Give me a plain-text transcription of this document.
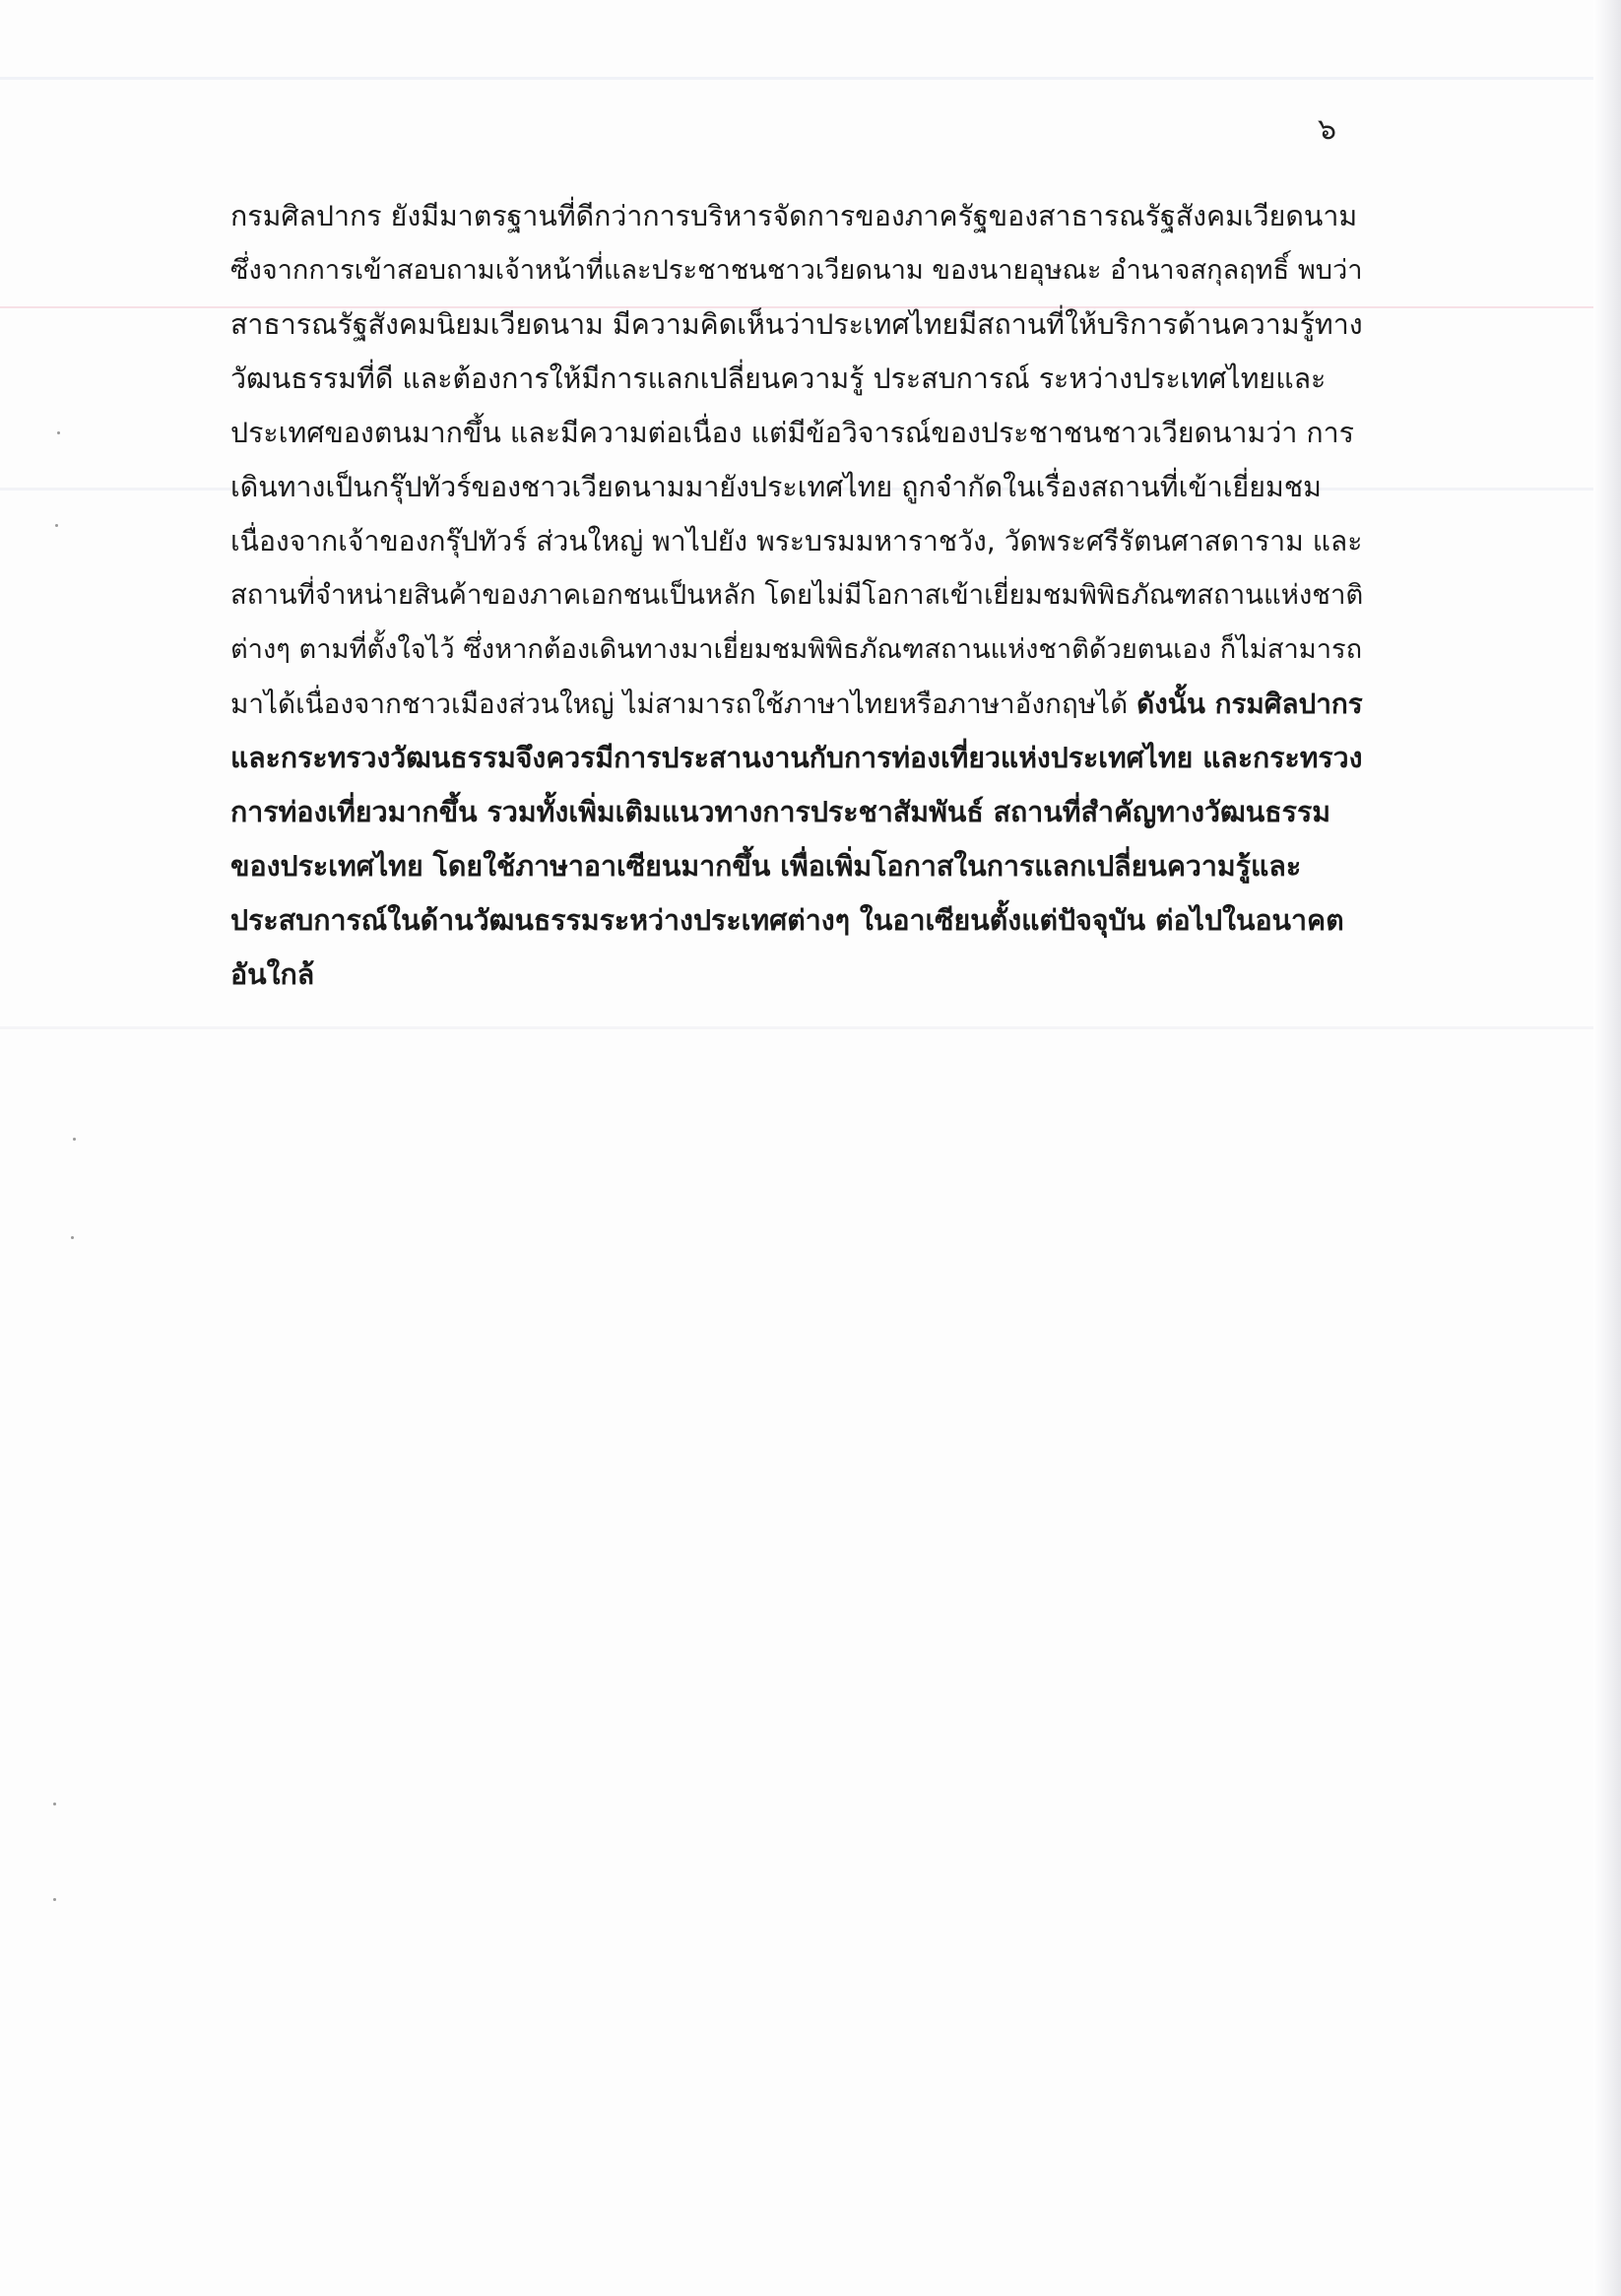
๖
กรมศิลปากร ยังมีมาตรฐานที่ดีกว่าการบริหารจัดการของภาครัฐของสาธารณรัฐสังคมเวียดนาม
ซึ่งจากการเข้าสอบถามเจ้าหน้าที่และประชาชนชาวเวียดนาม ของนายอุษณะ อำนาจสกุลฤทธิ์ พบว่า
สาธารณรัฐสังคมนิยมเวียดนาม มีความคิดเห็นว่าประเทศไทยมีสถานที่ให้บริการด้านความรู้ทาง
วัฒนธรรมที่ดี และต้องการให้มีการแลกเปลี่ยนความรู้ ประสบการณ์ ระหว่างประเทศไทยและ
ประเทศของตนมากขึ้น และมีความต่อเนื่อง แต่มีข้อวิจารณ์ของประชาชนชาวเวียดนามว่า การ
เดินทางเป็นกรุ๊ปทัวร์ของชาวเวียดนามมายังประเทศไทย ถูกจำกัดในเรื่องสถานที่เข้าเยี่ยมชม
เนื่องจากเจ้าของกรุ๊ปทัวร์ ส่วนใหญ่ พาไปยัง พระบรมมหาราชวัง, วัดพระศรีรัตนศาสดาราม และ
สถานที่จำหน่ายสินค้าของภาคเอกชนเป็นหลัก โดยไม่มีโอกาสเข้าเยี่ยมชมพิพิธภัณฑสถานแห่งชาติ
ต่างๆ ตามที่ตั้งใจไว้ ซึ่งหากต้องเดินทางมาเยี่ยมชมพิพิธภัณฑสถานแห่งชาติด้วยตนเอง ก็ไม่สามารถ
มาได้เนื่องจากชาวเมืองส่วนใหญ่ ไม่สามารถใช้ภาษาไทยหรือภาษาอังกฤษได้ ดังนั้น กรมศิลปากร
และกระทรวงวัฒนธรรมจึงควรมีการประสานงานกับการท่องเที่ยวแห่งประเทศไทย และกระทรวง
การท่องเที่ยวมากขึ้น รวมทั้งเพิ่มเติมแนวทางการประชาสัมพันธ์ สถานที่สำคัญทางวัฒนธรรม
ของประเทศไทย โดยใช้ภาษาอาเซียนมากขึ้น เพื่อเพิ่มโอกาสในการแลกเปลี่ยนความรู้และ
ประสบการณ์ในด้านวัฒนธรรมระหว่างประเทศต่างๆ ในอาเซียนตั้งแต่ปัจจุบัน ต่อไปในอนาคต
อันใกล้
